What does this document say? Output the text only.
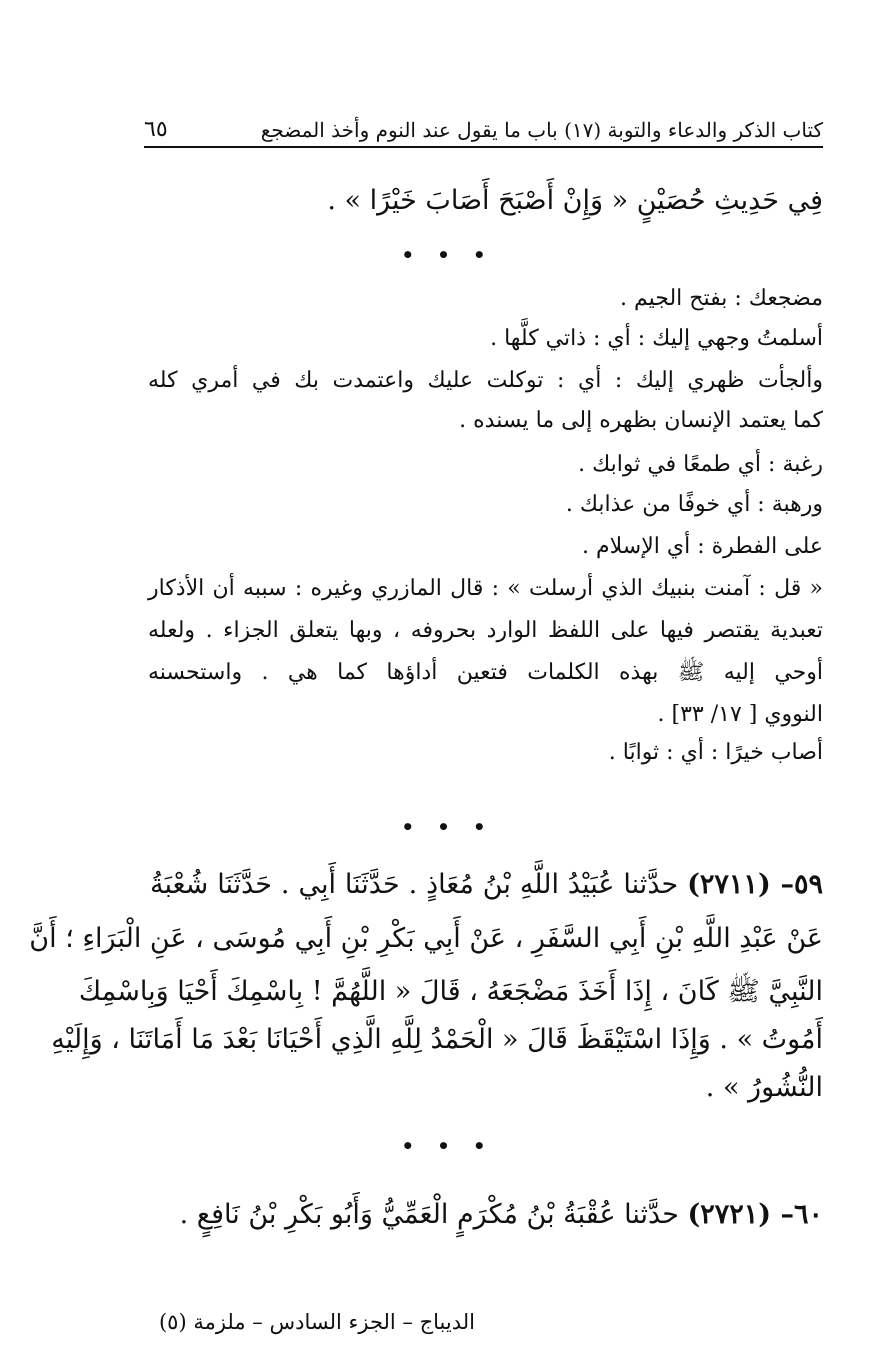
كتاب الذكر والدعاء والتوبة (١٧) باب ما يقول عند النوم وأخذ المضجع
٦٥
فِي حَدِيثِ حُصَيْنٍ « وَإِنْ أَصْبَحَ أَصَابَ خَيْرًا » .
• • •
مضجعك : بفتح الجيم .
أسلمتُ وجهي إليك : أي : ذاتي كلَّها .
وألجأت ظهري إليك : أي : توكلت عليك واعتمدت بك في أمري كله
كما يعتمد الإنسان بظهره إلى ما يسنده .
رغبة : أي طمعًا في ثوابك .
ورهبة : أي خوفًا من عذابك .
على الفطرة : أي الإسلام .
« قل : آمنت بنبيك الذي أرسلت » : قال المازري وغيره : سببه أن الأذكار
تعبدية يقتصر فيها على اللفظ الوارد بحروفه ، وبها يتعلق الجزاء . ولعله
أوحي إليه ﷺ بهذه الكلمات فتعين أداؤها كما هي . واستحسنه
النووي [ ١٧/ ٣٣] .
أصاب خيرًا : أي : ثوابًا .
• • •
٥٩– (٢٧١١) حدَّثنا عُبَيْدُ اللَّهِ بْنُ مُعَاذٍ . حَدَّثَنَا أَبِي . حَدَّثَنَا شُعْبَةُ
عَنْ عَبْدِ اللَّهِ بْنِ أَبِي السَّفَرِ ، عَنْ أَبِي بَكْرِ بْنِ أَبِي مُوسَى ، عَنِ الْبَرَاءِ ؛ أَنَّ
النَّبِيَّ ﷺ كَانَ ، إِذَا أَخَذَ مَضْجَعَهُ ، قَالَ « اللَّهُمَّ ! بِاسْمِكَ أَحْيَا وَبِاسْمِكَ
أَمُوتُ » . وَإِذَا اسْتَيْقَظَ قَالَ « الْحَمْدُ لِلَّهِ الَّذِي أَحْيَانَا بَعْدَ مَا أَمَاتَنَا ، وَإِلَيْهِ
النُّشُورُ » .
• • •
٦٠– (٢٧٢١) حدَّثنا عُقْبَةُ بْنُ مُكْرَمٍ الْعَمِّيُّ وَأَبُو بَكْرِ بْنُ نَافِعٍ .
الديباج – الجزء السادس – ملزمة (٥)
